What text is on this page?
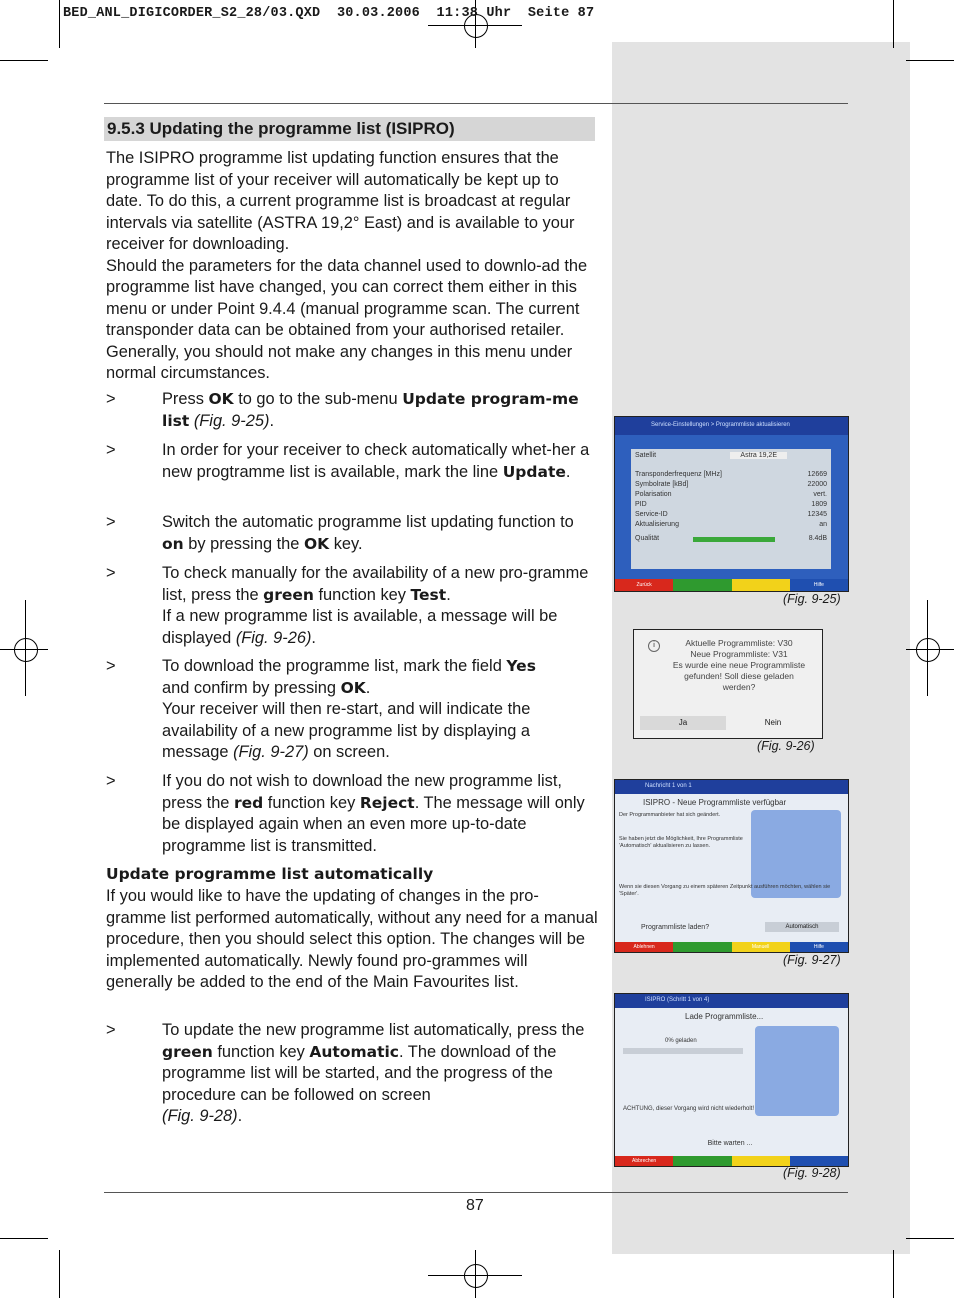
BED_ANL_DIGICORDER_S2_28/03.QXD  30.03.2006  11:38 Uhr  Seite 87
9.5.3 Updating the programme list (ISIPRO)

The ISIPRO programme list updating function ensures that the programme list of your receiver will automatically be kept up to date. To do this, a current programme list is broadcast at regular intervals via satellite (ASTRA 19,2° East) and is available to your receiver for downloading.

Should the parameters for the data channel used to downlo-ad the programme list have changed, you can correct them either in this menu or under Point 9.4.4 (manual programme scan. The current transponder data can be obtained from your authorised retailer. Generally, you should not make any changes in this menu under normal circumstances.

>	Press OK to go to the sub-menu Update program-me list (Fig. 9-25).
>	In order for your receiver to check automatically whet-her a new progtramme list is available, mark the line Update.
>	Switch the automatic programme list updating function to on by pressing the OK key.
>	To check manually for the availability of a new pro-gramme list, press the green function key Test.
If a new programme list is available, a message will be displayed (Fig. 9-26).
>	To download the programme list, mark the field Yes
and confirm by pressing OK.
Your receiver will then re-start, and will indicate the availability of a new programme list by displaying a message (Fig. 9-27) on screen.
>	If you do not wish to download the new programme list, press the red function key Reject. The message will only be displayed again when an even more up-to-date programme list is transmitted.
Update programme list automatically
If you would like to have the updating of changes in the pro-gramme list performed automatically, without any need for a manual procedure, then you should select this option. The changes will be implemented automatically. Newly found pro-grammes will generally be added to the end of the Main Favourites list.
>	To update the new programme list automatically, press the green function key Automatic. The download of the programme list will be started, and the progress of the procedure can be followed on screen
(Fig. 9-28).
87
Service-Einstellungen > Programmliste aktualisieren
Satellit	Astra 19,2E
Transponderfrequenz [MHz]	12669
Symbolrate [kBd]	22000
Polarisation	vert.
PID	1809
Service-ID	12345
Aktualisierung	an
Qualität	8.4dB
Zurück	Hilfe
(Fig. 9-25)
i	Aktuelle Programmliste: V30
Neue Programmliste: V31
Es wurde eine neue Programmliste
gefunden! Soll diese geladen
werden?
Ja	Nein
(Fig. 9-26)
Nachricht 1 von 1
ISIPRO - Neue Programmliste verfügbar
Der Programmanbieter hat sich geändert.
Sie haben jetzt die Möglichkeit, Ihre Programmliste 'Automatisch' aktualisieren zu lassen.
Wenn sie diesen Vorgang zu einem späteren Zeitpunkt ausführen möchten, wählen sie 'Später'.
Programmliste laden?	Automatisch
Ablehnen	Manuell	Hilfe
(Fig. 9-27)
ISIPRO (Schritt 1 von 4)
Lade Programmliste...
0% geladen
ACHTUNG, dieser Vorgang wird nicht wiederholt!
Bitte warten ...
Abbrechen
(Fig. 9-28)
